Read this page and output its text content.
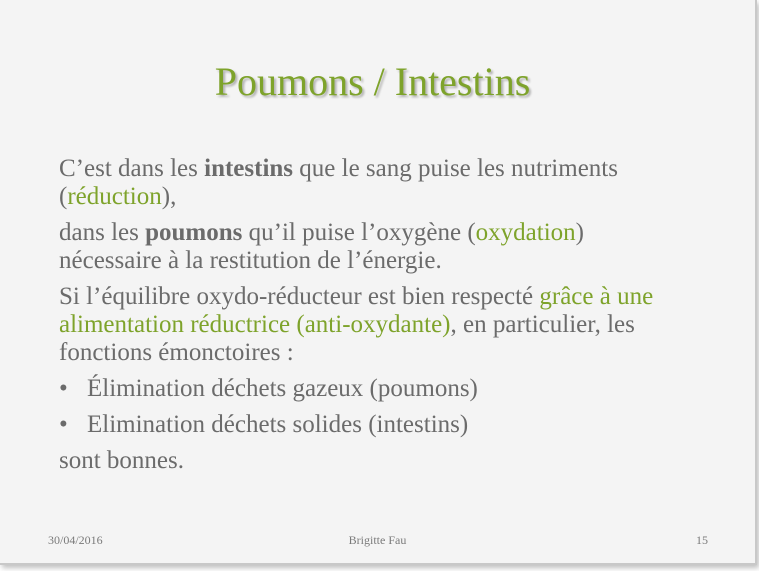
Poumons / Intestins

C’est dans les intestins que le sang puise les nutriments (réduction),

dans les poumons qu’il puise l’oxygène (oxydation) nécessaire à la restitution de l’énergie.

Si l’équilibre oxydo-réducteur est bien respecté grâce à une alimentation réductrice (anti-oxydante), en particulier, les fonctions émonctoires :

• Élimination déchets gazeux (poumons)
• Elimination déchets solides (intestins)

sont bonnes.

30/04/2016	Brigitte Fau	15
